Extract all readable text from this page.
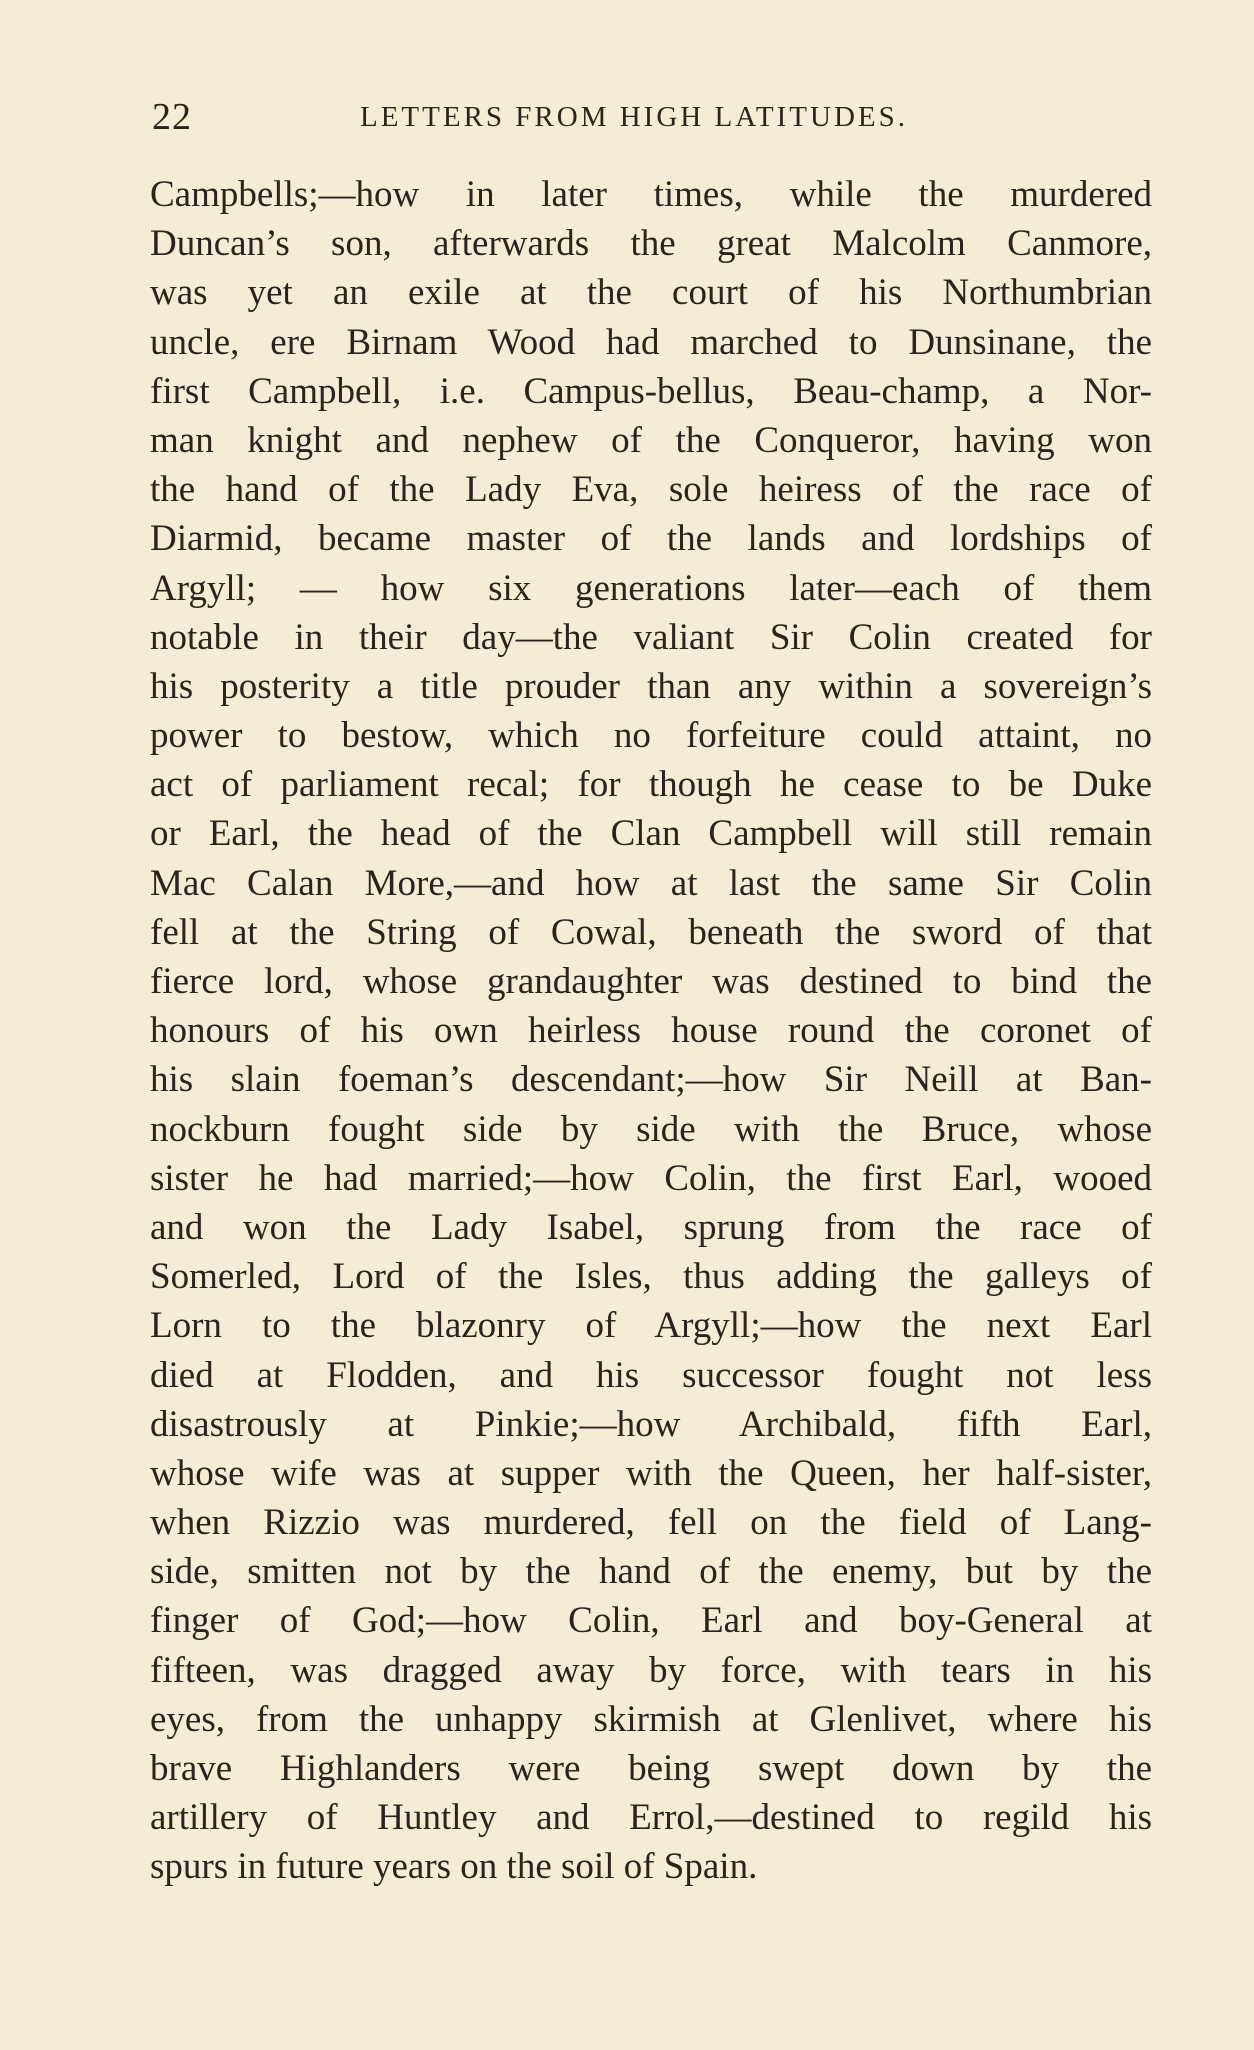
22	LETTERS FROM HIGH LATITUDES.
Campbells;—how in later times, while the murdered
Duncan’s son, afterwards the great Malcolm Canmore,
was yet an exile at the court of his Northumbrian
uncle, ere Birnam Wood had marched to Dunsinane, the
first Campbell, i.e. Campus-bellus, Beau-champ, a Nor-
man knight and nephew of the Conqueror, having won
the hand of the Lady Eva, sole heiress of the race of
Diarmid, became master of the lands and lordships of
Argyll; — how six generations later—each of them
notable in their day—the valiant Sir Colin created for
his posterity a title prouder than any within a sovereign’s
power to bestow, which no forfeiture could attaint, no
act of parliament recal; for though he cease to be Duke
or Earl, the head of the Clan Campbell will still remain
Mac Calan More,—and how at last the same Sir Colin
fell at the String of Cowal, beneath the sword of that
fierce lord, whose grandaughter was destined to bind the
honours of his own heirless house round the coronet of
his slain foeman’s descendant;—how Sir Neill at Ban-
nockburn fought side by side with the Bruce, whose
sister he had married;—how Colin, the first Earl, wooed
and won the Lady Isabel, sprung from the race of
Somerled, Lord of the Isles, thus adding the galleys of
Lorn to the blazonry of Argyll;—how the next Earl
died at Flodden, and his successor fought not less
disastrously at Pinkie;—how Archibald, fifth Earl,
whose wife was at supper with the Queen, her half-sister,
when Rizzio was murdered, fell on the field of Lang-
side, smitten not by the hand of the enemy, but by the
finger of God;—how Colin, Earl and boy-General at
fifteen, was dragged away by force, with tears in his
eyes, from the unhappy skirmish at Glenlivet, where his
brave Highlanders were being swept down by the
artillery of Huntley and Errol,—destined to regild his
spurs in future years on the soil of Spain.
